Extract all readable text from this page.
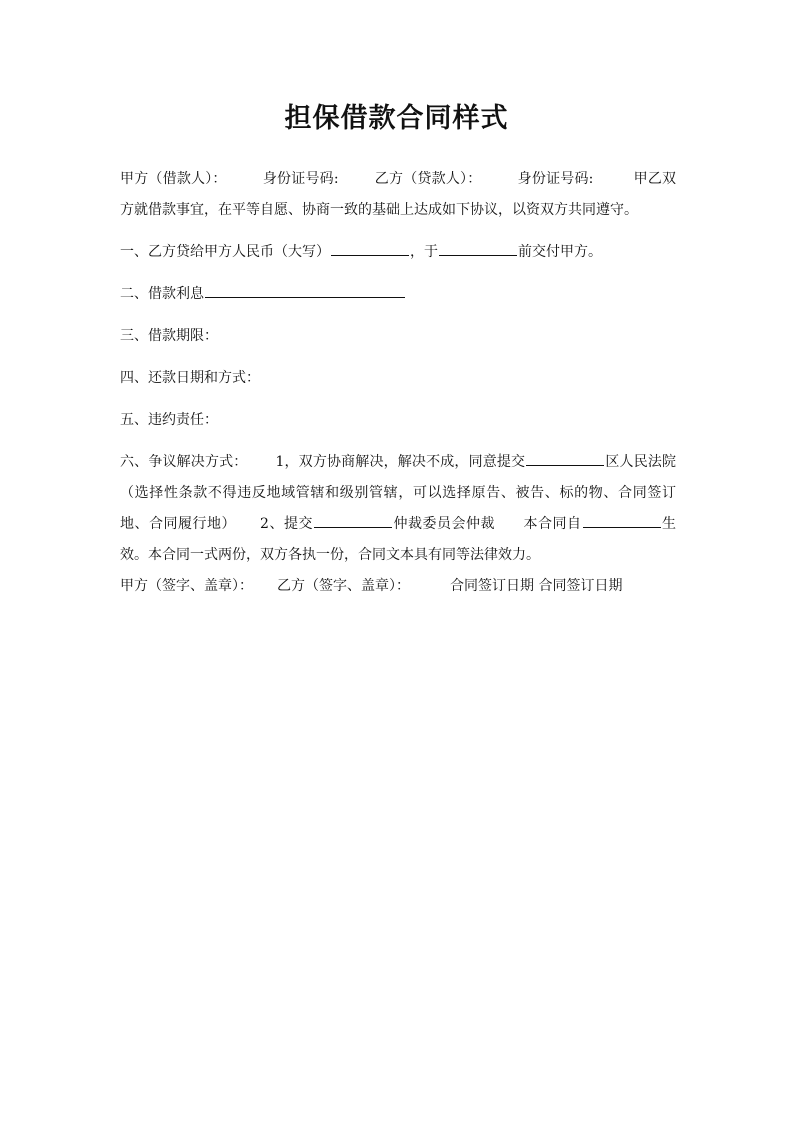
担保借款合同样式

甲方（借款人）：	身份证号码:	乙方（贷款人）：	身份证号码:	甲乙双方就借款事宜，在平等自愿、协商一致的基础上达成如下协议，以资双方共同遵守。

一、乙方贷给甲方人民币（大写）	，于	前交付甲方。

二、借款利息

三、借款期限：

四、还款日期和方式：

五、违约责任：

六、争议解决方式： 1，双方协商解决，解决不成，同意提交	区人民法院（选择性条款不得违反地域管辖和级别管辖，可以选择原告、被告、标的物、合同签订地、合同履行地） 2、提交	仲裁委员会仲裁 本合同自	生效。本合同一式两份，双方各执一份，合同文本具有同等法律效力。

甲方（签字、盖章）： 乙方（签字、盖章）：	合同签订日期 合同签订日期
